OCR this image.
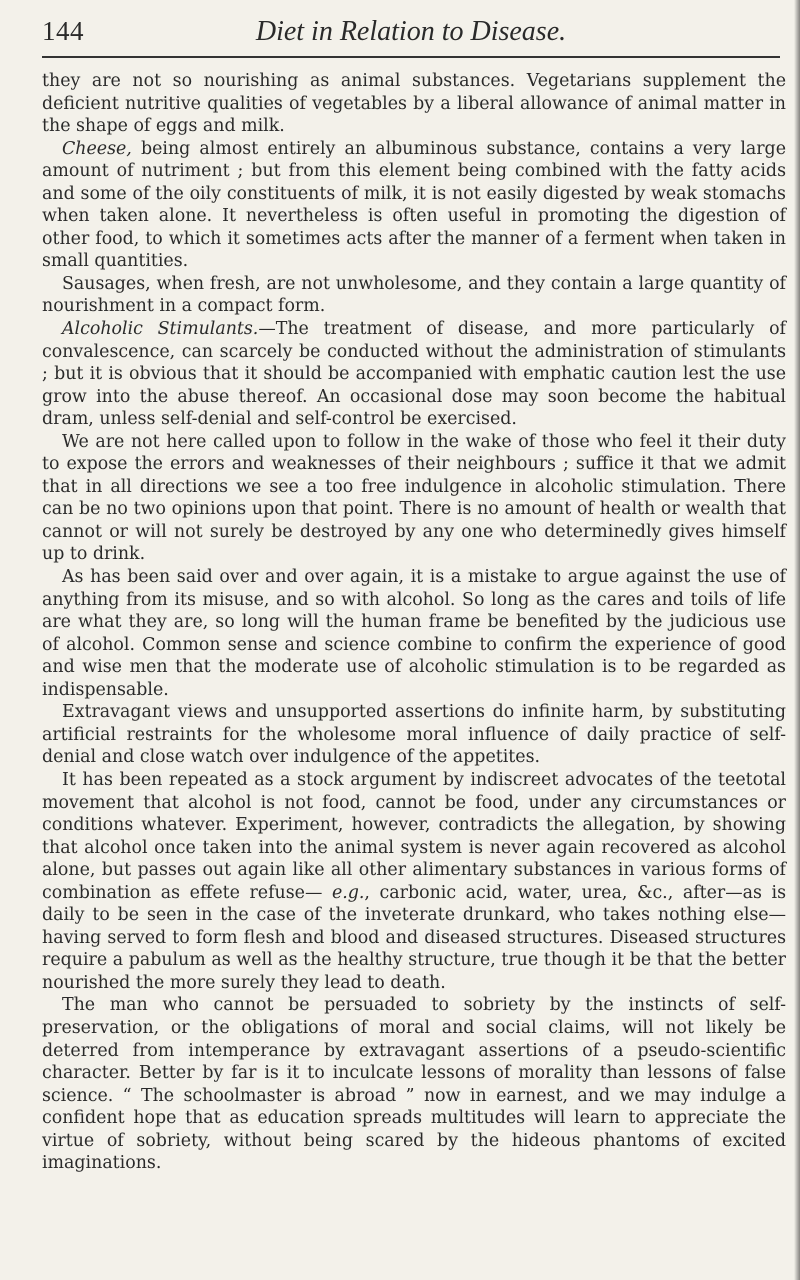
144	Diet in Relation to Disease.

they are not so nourishing as animal substances. Vegetarians supplement the deficient nutritive qualities of vegetables by a liberal allowance of animal matter in the shape of eggs and milk.

Cheese, being almost entirely an albuminous substance, contains a very large amount of nutriment ; but from this element being combined with the fatty acids and some of the oily constituents of milk, it is not easily digested by weak stomachs when taken alone. It nevertheless is often useful in promoting the digestion of other food, to which it sometimes acts after the manner of a ferment when taken in small quantities.

Sausages, when fresh, are not unwholesome, and they contain a large quantity of nourishment in a compact form.

Alcoholic Stimulants.—The treatment of disease, and more particularly of convalescence, can scarcely be conducted without the administration of stimulants ; but it is obvious that it should be accompanied with emphatic caution lest the use grow into the abuse thereof. An occasional dose may soon become the habitual dram, unless self-denial and self-control be exercised.

We are not here called upon to follow in the wake of those who feel it their duty to expose the errors and weaknesses of their neighbours ; suffice it that we admit that in all directions we see a too free indulgence in alcoholic stimulation. There can be no two opinions upon that point. There is no amount of health or wealth that cannot or will not surely be destroyed by any one who determinedly gives himself up to drink.

As has been said over and over again, it is a mistake to argue against the use of anything from its misuse, and so with alcohol. So long as the cares and toils of life are what they are, so long will the human frame be benefited by the judicious use of alcohol. Common sense and science combine to confirm the experience of good and wise men that the moderate use of alcoholic stimulation is to be regarded as indispensable.

Extravagant views and unsupported assertions do infinite harm, by substituting artificial restraints for the wholesome moral influence of daily practice of self-denial and close watch over indulgence of the appetites.

It has been repeated as a stock argument by indiscreet advocates of the teetotal movement that alcohol is not food, cannot be food, under any circumstances or conditions whatever. Experiment, however, contradicts the allegation, by showing that alcohol once taken into the animal system is never again recovered as alcohol alone, but passes out again like all other alimentary substances in various forms of combination as effete refuse— e.g., carbonic acid, water, urea, &c., after—as is daily to be seen in the case of the inveterate drunkard, who takes nothing else—having served to form flesh and blood and diseased structures. Diseased structures require a pabulum as well as the healthy structure, true though it be that the better nourished the more surely they lead to death.

The man who cannot be persuaded to sobriety by the instincts of self-preservation, or the obligations of moral and social claims, will not likely be deterred from intemperance by extravagant assertions of a pseudo-scientific character. Better by far is it to inculcate lessons of morality than lessons of false science. “ The schoolmaster is abroad ” now in earnest, and we may indulge a confident hope that as education spreads multitudes will learn to appreciate the virtue of sobriety, without being scared by the hideous phantoms of excited imaginations.
